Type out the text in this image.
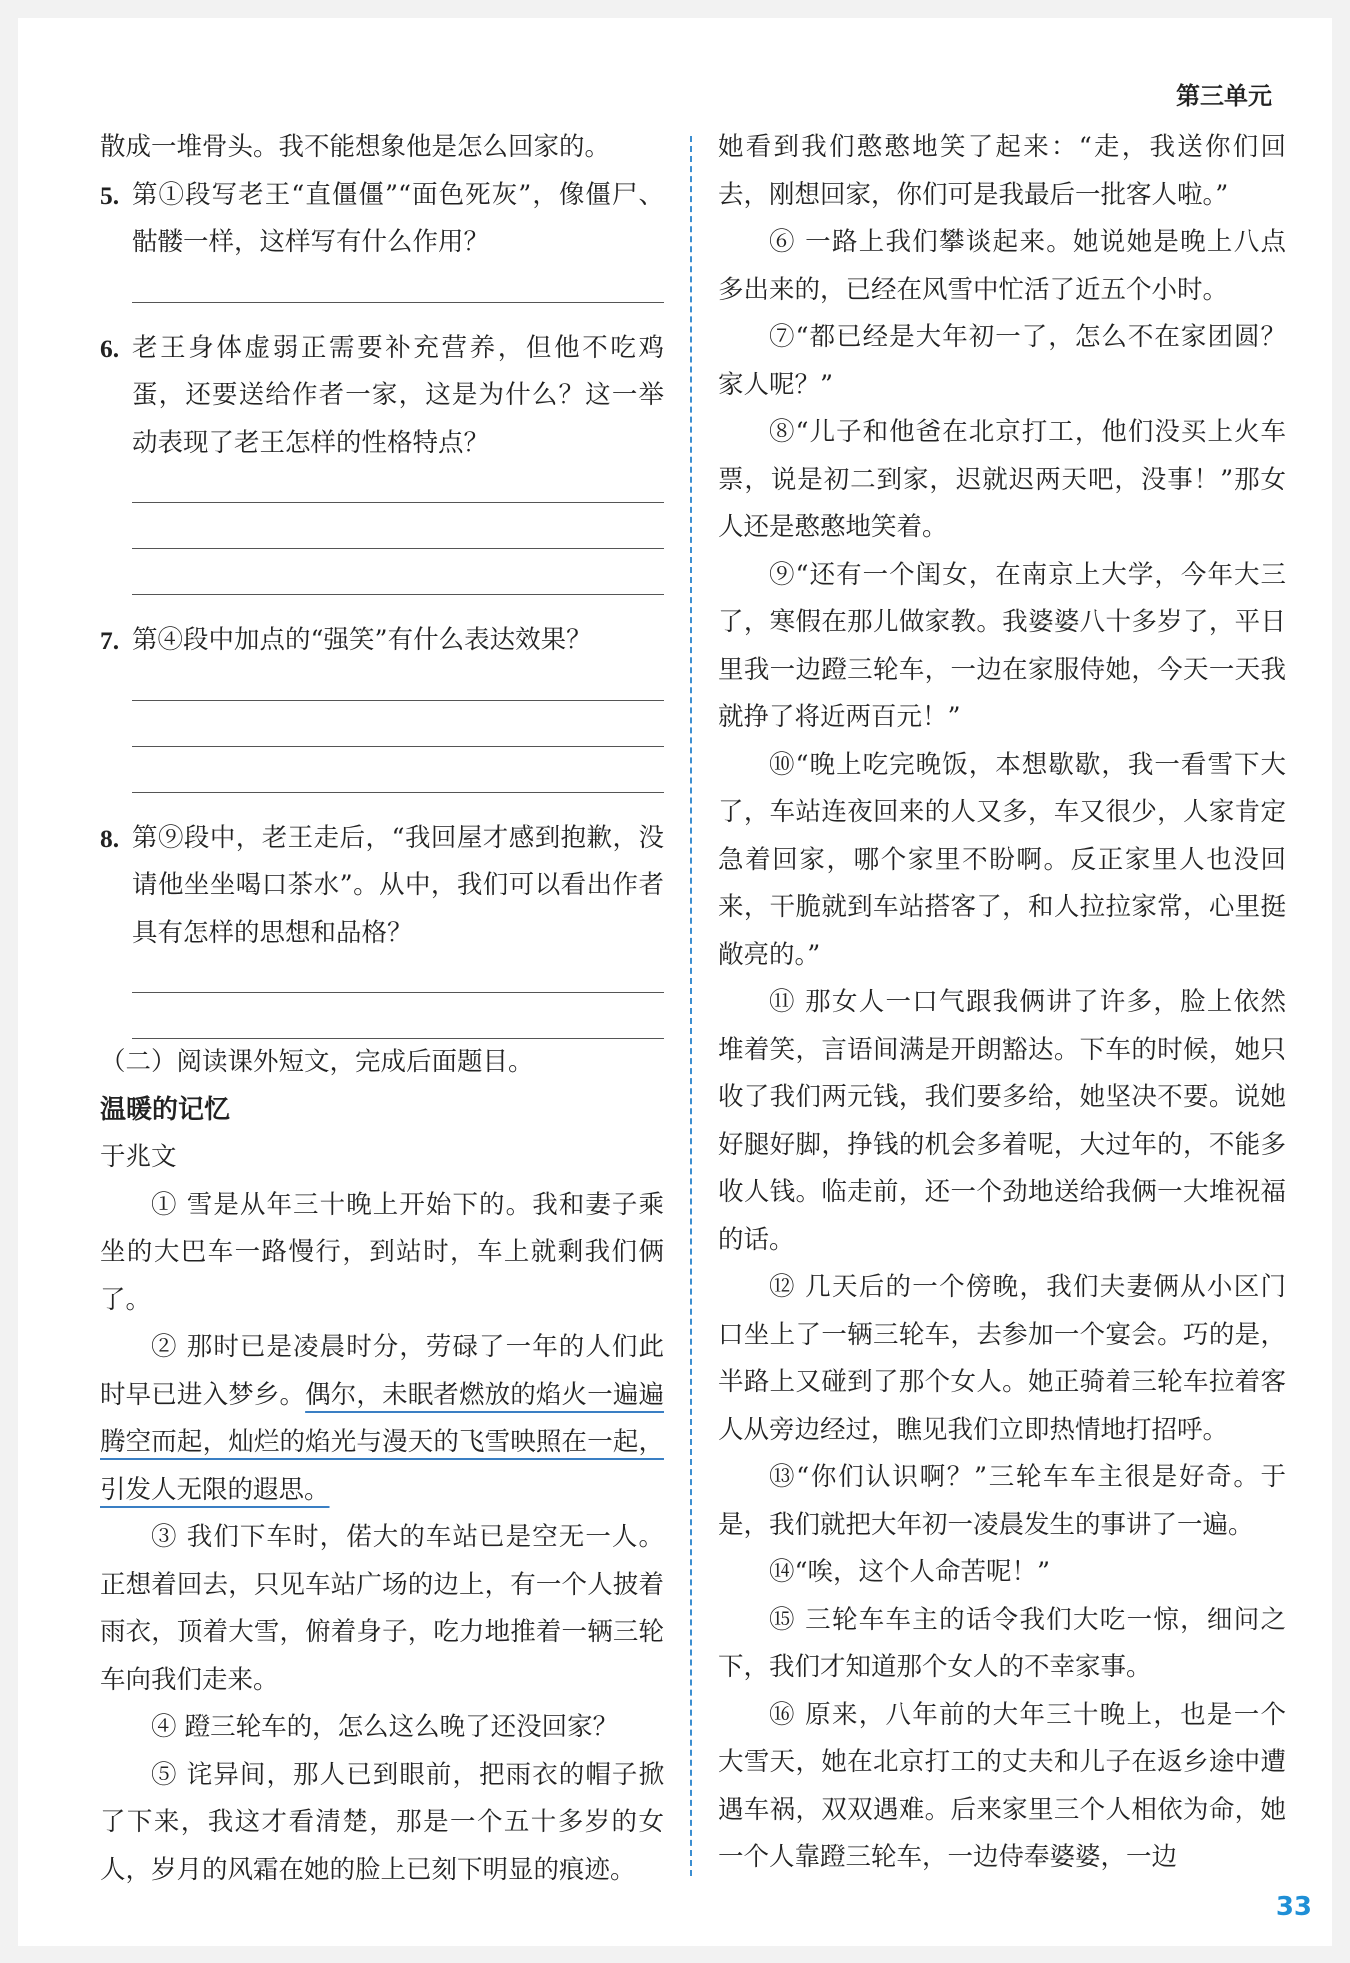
第三单元

散成一堆骨头。我不能想象他是怎么回家的。

5. 第①段写老王“直僵僵”“面色死灰”，像僵尸、骷髅一样，这样写有什么作用？
6. 老王身体虚弱正需要补充营养，但他不吃鸡蛋，还要送给作者一家，这是为什么？这一举动表现了老王怎样的性格特点？
7. 第④段中加点的“强笑”有什么表达效果？
8. 第⑨段中，老王走后，“我回屋才感到抱歉，没请他坐坐喝口茶水”。从中，我们可以看出作者具有怎样的思想和品格？

（二）阅读课外短文，完成后面题目。

温暖的记忆

于兆文

① 雪是从年三十晚上开始下的。我和妻子乘坐的大巴车一路慢行，到站时，车上就剩我们俩了。

② 那时已是凌晨时分，劳碌了一年的人们此时早已进入梦乡。偶尔，未眠者燃放的焰火一遍遍腾空而起，灿烂的焰光与漫天的飞雪映照在一起，引发人无限的遐思。

③ 我们下车时，偌大的车站已是空无一人。正想着回去，只见车站广场的边上，有一个人披着雨衣，顶着大雪，俯着身子，吃力地推着一辆三轮车向我们走来。

④ 蹬三轮车的，怎么这么晚了还没回家？

⑤ 诧异间，那人已到眼前，把雨衣的帽子掀了下来，我这才看清楚，那是一个五十多岁的女人，岁月的风霜在她的脸上已刻下明显的痕迹。

她看到我们憨憨地笑了起来：“走，我送你们回去，刚想回家，你们可是我最后一批客人啦。”

⑥ 一路上我们攀谈起来。她说她是晚上八点多出来的，已经在风雪中忙活了近五个小时。

⑦“都已经是大年初一了，怎么不在家团圆？家人呢？”

⑧“儿子和他爸在北京打工，他们没买上火车票，说是初二到家，迟就迟两天吧，没事！”那女人还是憨憨地笑着。

⑨“还有一个闺女，在南京上大学，今年大三了，寒假在那儿做家教。我婆婆八十多岁了，平日里我一边蹬三轮车，一边在家服侍她，今天一天我就挣了将近两百元！”

⑩“晚上吃完晚饭，本想歇歇，我一看雪下大了，车站连夜回来的人又多，车又很少，人家肯定急着回家，哪个家里不盼啊。反正家里人也没回来，干脆就到车站搭客了，和人拉拉家常，心里挺敞亮的。”

⑪ 那女人一口气跟我俩讲了许多，脸上依然堆着笑，言语间满是开朗豁达。下车的时候，她只收了我们两元钱，我们要多给，她坚决不要。说她好腿好脚，挣钱的机会多着呢，大过年的，不能多收人钱。临走前，还一个劲地送给我俩一大堆祝福的话。

⑫ 几天后的一个傍晚，我们夫妻俩从小区门口坐上了一辆三轮车，去参加一个宴会。巧的是，半路上又碰到了那个女人。她正骑着三轮车拉着客人从旁边经过，瞧见我们立即热情地打招呼。

⑬“你们认识啊？”三轮车车主很是好奇。于是，我们就把大年初一凌晨发生的事讲了一遍。

⑭“唉，这个人命苦呢！”

⑮ 三轮车车主的话令我们大吃一惊，细问之下，我们才知道那个女人的不幸家事。

⑯ 原来，八年前的大年三十晚上，也是一个大雪天，她在北京打工的丈夫和儿子在返乡途中遭遇车祸，双双遇难。后来家里三个人相依为命，她一个人靠蹬三轮车，一边侍奉婆婆，一边

33
